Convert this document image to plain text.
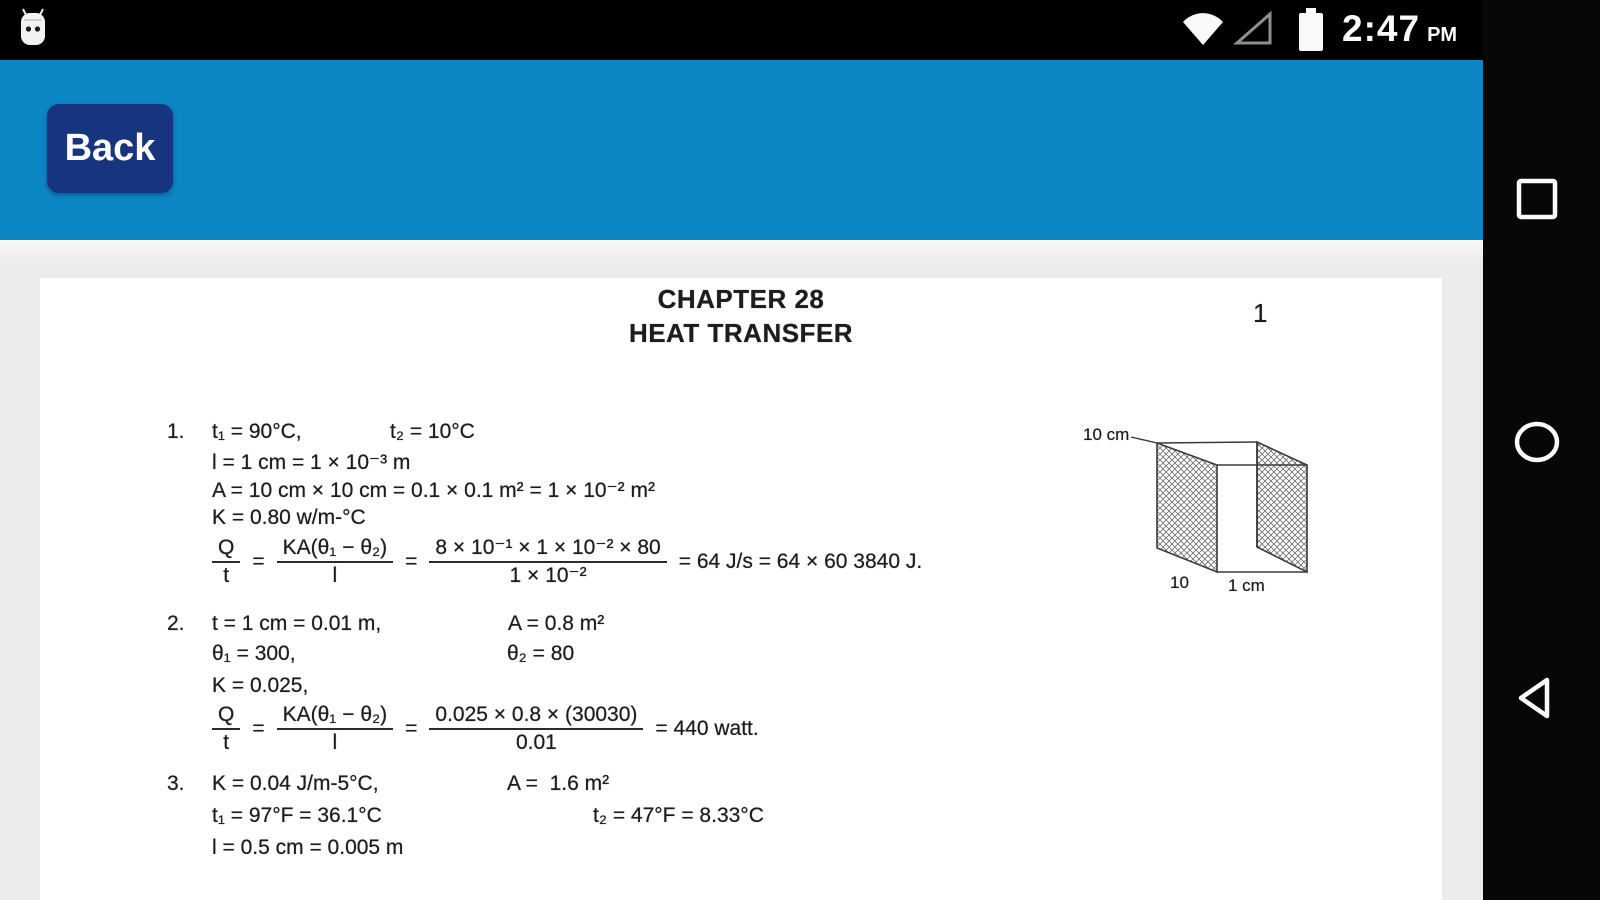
2:47 PM
Back
CHAPTER 28
HEAT TRANSFER
1
1. t₁ = 90°C,	t₂ = 10°C
l = 1 cm = 1 × 10⁻³ m
A = 10 cm × 10 cm = 0.1 × 0.1 m² = 1 × 10⁻² m²
K = 0.80 w/m-°C
$\frac{Q}{t} = \frac{\text{KA(θ₁ − θ₂)}}{l} = \frac{\text{8 × 10⁻¹ × 1 × 10⁻² × 80}}{\text{1 × 10⁻²}} = 64$ J/s = 64 × 60 3840 J.
2. t = 1 cm = 0.01 m,	A = 0.8 m²
θ₁ = 300,	θ₂ = 80
K = 0.025,
$\frac{Q}{t} = \frac{\text{KA(θ₁ − θ₂)}}{l} = \frac{0.025 \times 0.8 \times (30030)}{0.01} = 440$ watt.
3. K = 0.04 J/m-5°C,	A =  1.6 m²
t₁ = 97°F = 36.1°C	t₂ = 47°F = 8.33°C
l = 0.5 cm = 0.005 m
10 cm
10 1 cm
